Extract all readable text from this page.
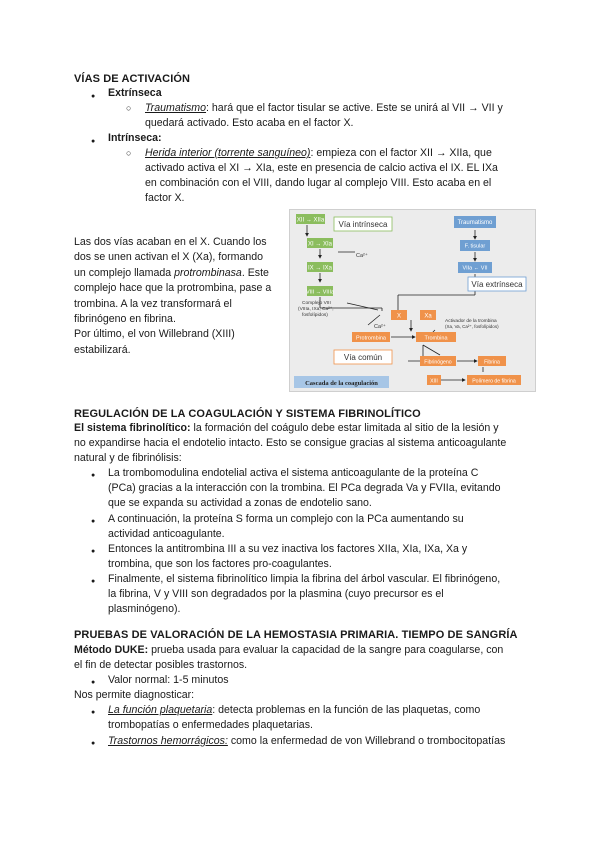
VÍAS DE ACTIVACIÓN
● Extrínseca
○ Traumatismo: hará que el factor tisular se active. Este se unirá al VII → VII y
quedará activado. Esto acaba en el factor X.
● Intrínseca:
○ Herida interior (torrente sanguíneo): empieza con el factor XII → XIIa, que
activado activa el XI → XIa, este en presencia de calcio activa el IX. EL IXa
en combinación con el VIII, dando lugar al complejo VIII. Esto acaba en el
factor X.
Las dos vías acaban en el X. Cuando los
dos se unen activan el X (Xa), formando
un complejo llamada protrombinasa. Este
complejo hace que la protrombina, pase a
trombina. A la vez transformará el
fibrinógeno en fibrina.
Por último, el von Willebrand (XIII)
estabilizará.
XII → XIIa
XI → XIa
IX → IXa
VIII → VIIIa
Vía intrínseca
Ca²⁺
Complejo VIII
(VIIIa, IXa, Ca²⁺,
fosfolípidos)
Traumatismo
F. tisular
VIIa ← VII
Vía extrínseca
X	Xa
Ca²⁺
Activador de la trombina
(Xa, Va, Ca²⁺, fosfolípidos)
Protrombina	Trombina
Vía común
Fibrinógeno	Fibrina
XIII	Polímero de fibrina
Cascada de la coagulación
REGULACIÓN DE LA COAGULACIÓN Y SISTEMA FIBRINOLÍTICO
El sistema fibrinolítico: la formación del coágulo debe estar limitada al sitio de la lesión y
no expandirse hacia el endotelio intacto. Esto se consigue gracias al sistema anticoagulante
natural y de fibrinólisis:
● La trombomodulina endotelial activa el sistema anticoagulante de la proteína C
(PCa) gracias a la interacción con la trombina. El PCa degrada Va y FVIIa, evitando
que se expanda su actividad a zonas de endotelio sano.
● A continuación, la proteína S forma un complejo con la PCa aumentando su
actividad anticoagulante.
● Entonces la antitrombina III a su vez inactiva los factores XIIa, XIa, IXa, Xa y
trombina, que son los factores pro-coagulantes.
● Finalmente, el sistema fibrinolítico limpia la fibrina del árbol vascular. El fibrinógeno,
la fibrina, V y VIII son degradados por la plasmina (cuyo precursor es el
plasminógeno).
PRUEBAS DE VALORACIÓN DE LA HEMOSTASIA PRIMARIA. TIEMPO DE SANGRÍA
Método DUKE: prueba usada para evaluar la capacidad de la sangre para coagularse, con
el fin de detectar posibles trastornos.
● Valor normal: 1-5 minutos
Nos permite diagnosticar:
● La función plaquetaria: detecta problemas en la función de las plaquetas, como
trombopatías o enfermedades plaquetarias.
● Trastornos hemorrágicos: como la enfermedad de von Willebrand o trombocitopatías
